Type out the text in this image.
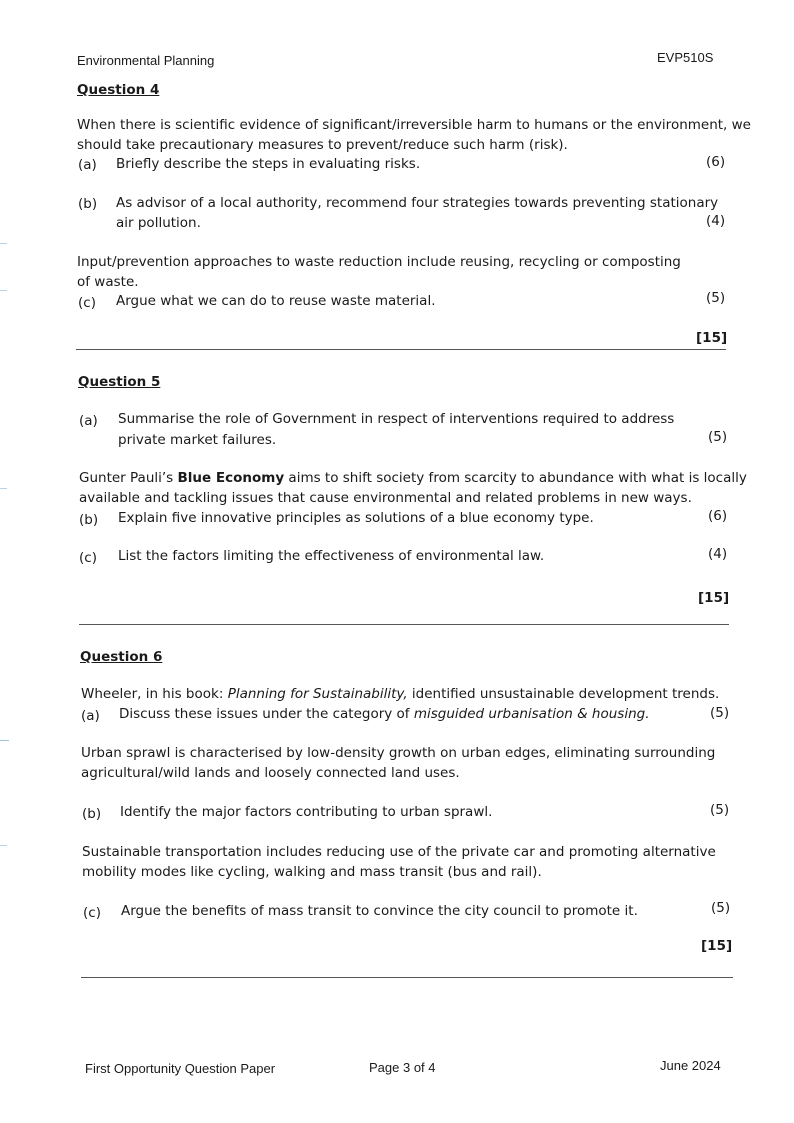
Environmental Planning	EVP510S
Question 4
When there is scientific evidence of significant/irreversible harm to humans or the environment, we
should take precautionary measures to prevent/reduce such harm (risk).
(a) Briefly describe the steps in evaluating risks.	(6)
(b) As advisor of a local authority, recommend four strategies towards preventing stationary
air pollution.	(4)
Input/prevention approaches to waste reduction include reusing, recycling or composting
of waste.
(c) Argue what we can do to reuse waste material.	(5)
[15]
Question 5
(a) Summarise the role of Government in respect of interventions required to address
private market failures.	(5)
Gunter Pauli’s Blue Economy aims to shift society from scarcity to abundance with what is locally
available and tackling issues that cause environmental and related problems in new ways.
(b) Explain five innovative principles as solutions of a blue economy type.	(6)
(c) List the factors limiting the effectiveness of environmental law.	(4)
[15]
Question 6
Wheeler, in his book: Planning for Sustainability, identified unsustainable development trends.
(a) Discuss these issues under the category of misguided urbanisation & housing.	(5)
Urban sprawl is characterised by low-density growth on urban edges, eliminating surrounding
agricultural/wild lands and loosely connected land uses.
(b) Identify the major factors contributing to urban sprawl.	(5)
Sustainable transportation includes reducing use of the private car and promoting alternative
mobility modes like cycling, walking and mass transit (bus and rail).
(c) Argue the benefits of mass transit to convince the city council to promote it.	(5)
[15]
First Opportunity Question Paper	Page 3 of 4	June 2024
